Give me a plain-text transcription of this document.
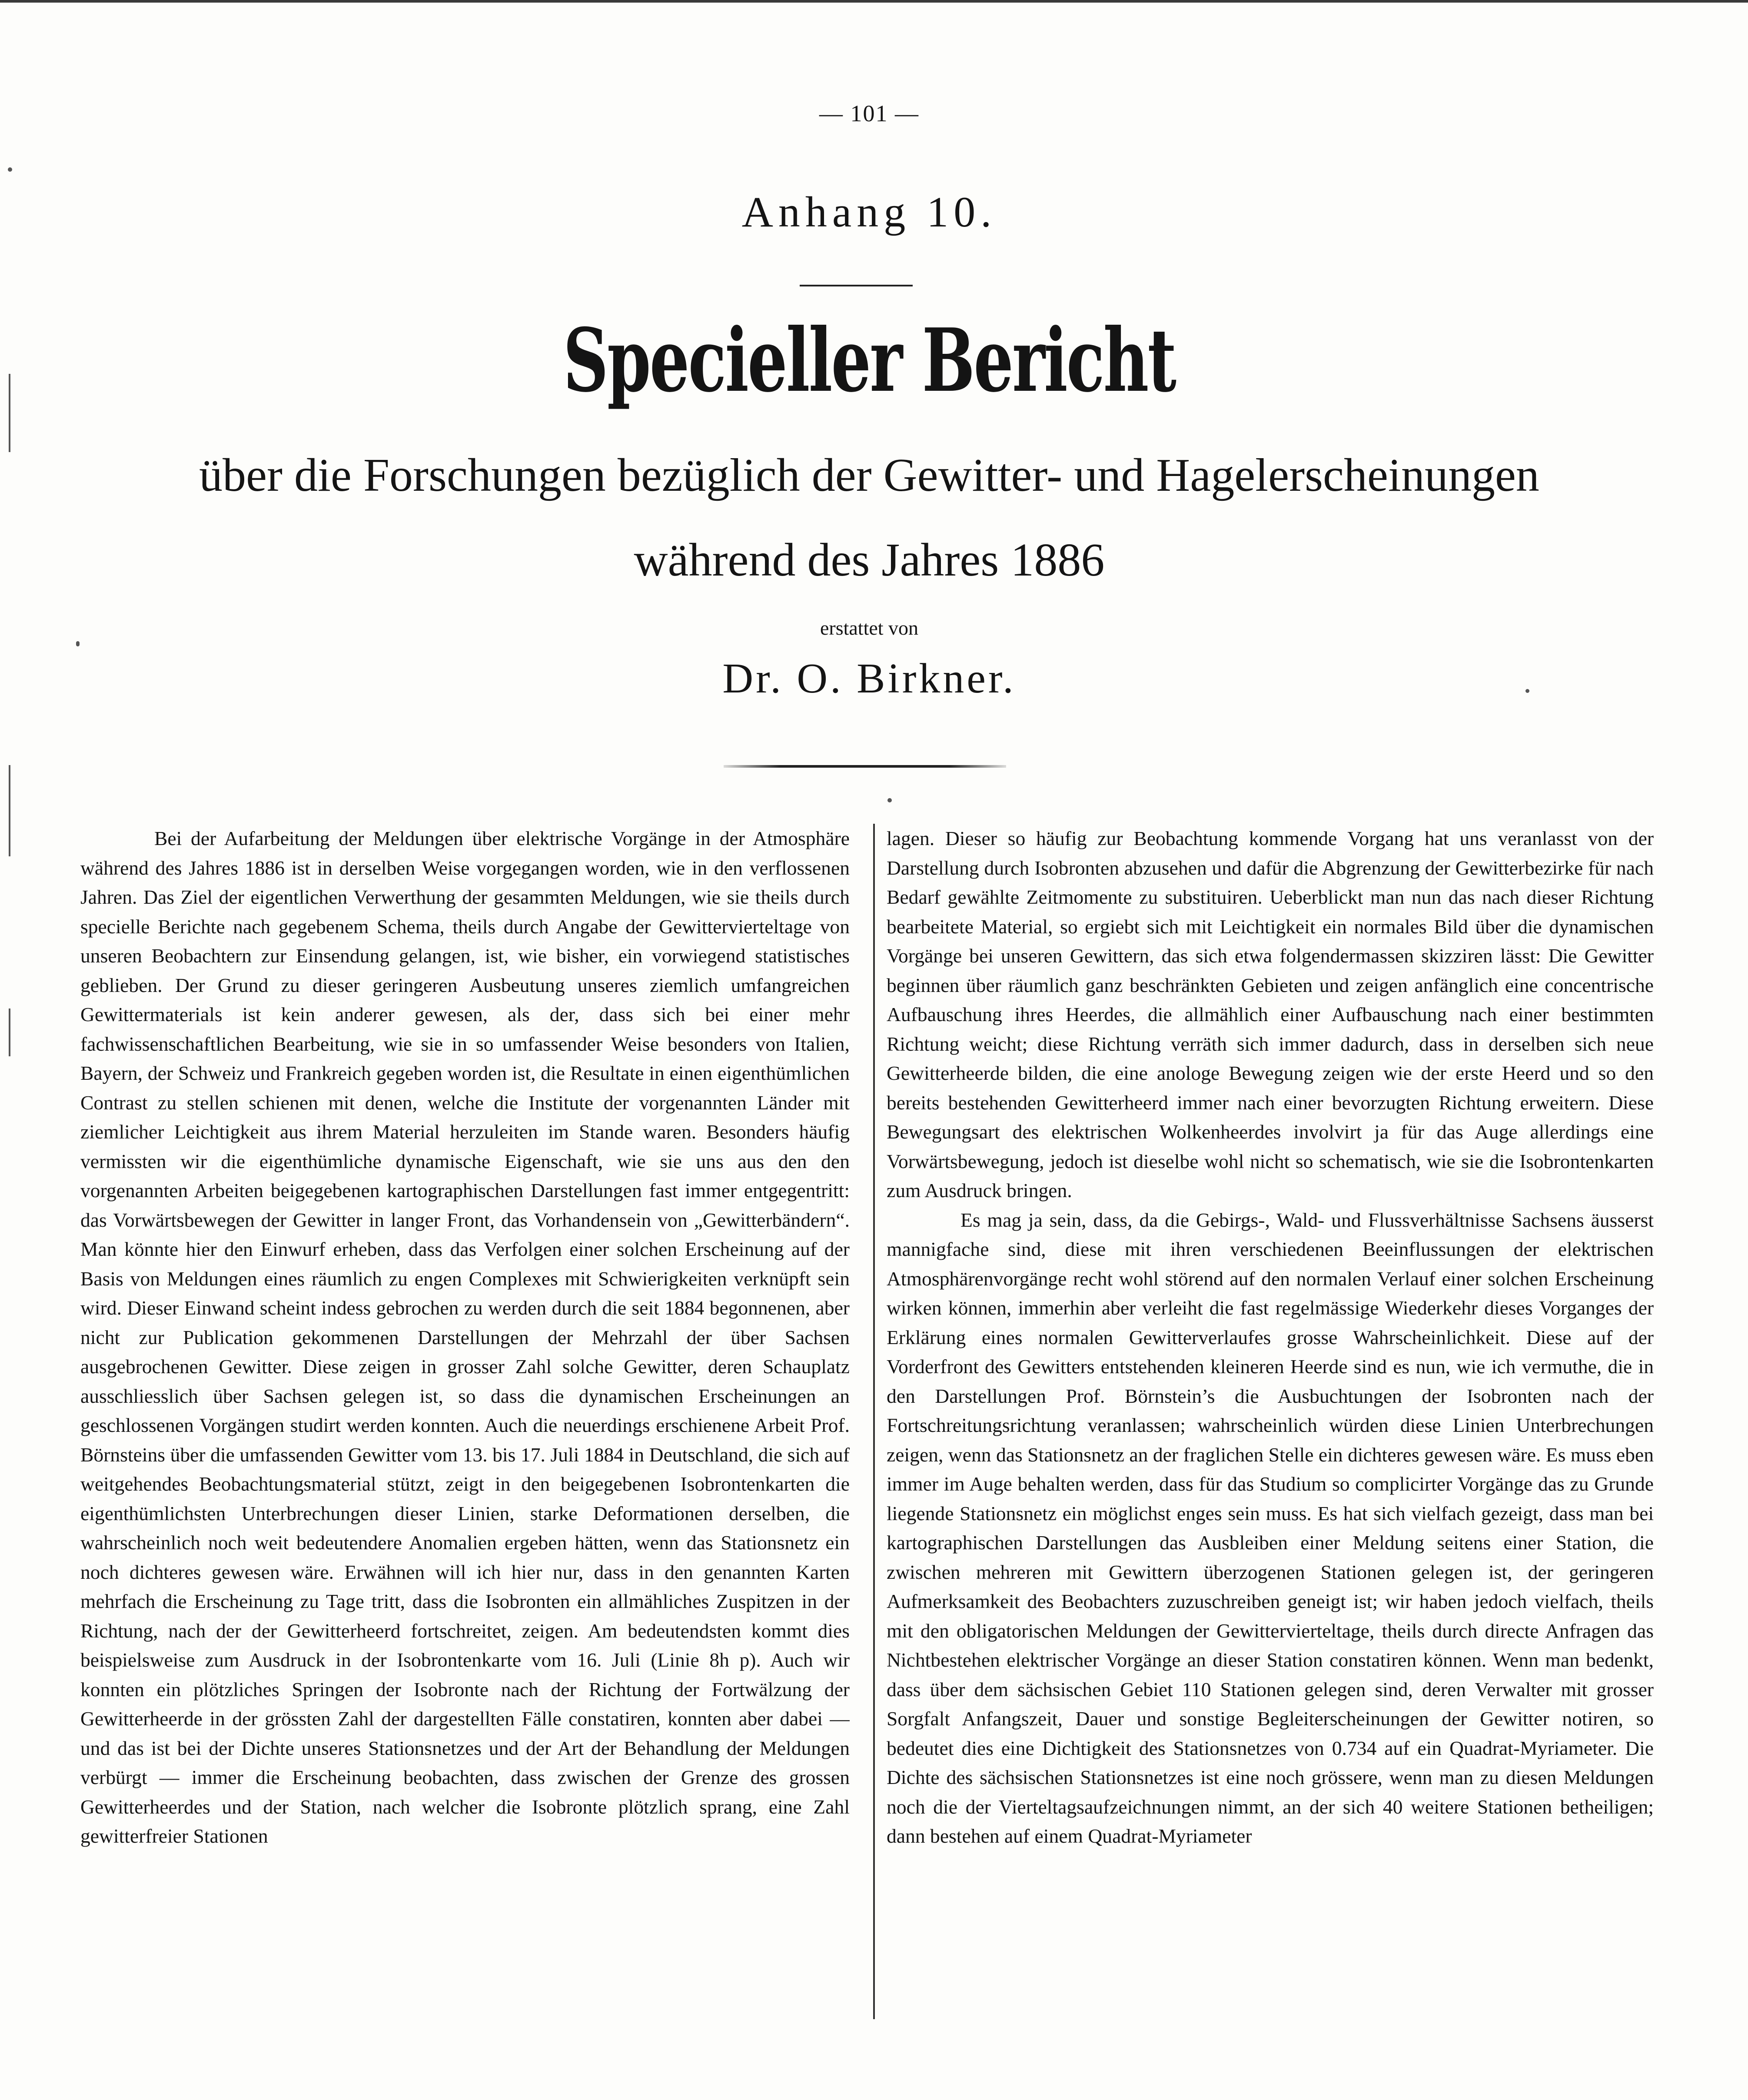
— 101 —
Anhang 10.
Specieller Bericht
über die Forschungen bezüglich der Gewitter- und Hagelerscheinungen
während des Jahres 1886
erstattet von
Dr. O. Birkner.

Bei der Aufarbeitung der Meldungen über elektrische Vorgänge in der Atmosphäre während des Jahres 1886 ist in derselben Weise vorgegangen worden, wie in den verflossenen Jahren. Das Ziel der eigentlichen Verwerthung der gesammten Meldungen, wie sie theils durch specielle Berichte nach gegebenem Schema, theils durch Angabe der Gewittervierteltage von unseren Beobachtern zur Einsendung gelangen, ist, wie bisher, ein vorwiegend statistisches geblieben. Der Grund zu dieser geringeren Ausbeutung unseres ziemlich umfangreichen Gewittermaterials ist kein anderer gewesen, als der, dass sich bei einer mehr fachwissenschaftlichen Bearbeitung, wie sie in so umfassender Weise besonders von Italien, Bayern, der Schweiz und Frankreich gegeben worden ist, die Resultate in einen eigenthümlichen Contrast zu stellen schienen mit denen, welche die Institute der vorgenannten Länder mit ziemlicher Leichtigkeit aus ihrem Material herzuleiten im Stande waren. Besonders häufig vermissten wir die eigenthümliche dynamische Eigenschaft, wie sie uns aus den den vorgenannten Arbeiten beigegebenen kartographischen Darstellungen fast immer entgegentritt: das Vorwärtsbewegen der Gewitter in langer Front, das Vorhandensein von „Gewitterbändern“. Man könnte hier den Einwurf erheben, dass das Verfolgen einer solchen Erscheinung auf der Basis von Meldungen eines räumlich zu engen Complexes mit Schwierigkeiten verknüpft sein wird. Dieser Einwand scheint indess gebrochen zu werden durch die seit 1884 begonnenen, aber nicht zur Publication gekommenen Darstellungen der Mehrzahl der über Sachsen ausgebrochenen Gewitter. Diese zeigen in grosser Zahl solche Gewitter, deren Schauplatz ausschliesslich über Sachsen gelegen ist, so dass die dynamischen Erscheinungen an geschlossenen Vorgängen studirt werden konnten. Auch die neuerdings erschienene Arbeit Prof. Börnsteins über die umfassenden Gewitter vom 13. bis 17. Juli 1884 in Deutschland, die sich auf weitgehendes Beobachtungsmaterial stützt, zeigt in den beigegebenen Isobrontenkarten die eigenthümlichsten Unterbrechungen dieser Linien, starke Deformationen derselben, die wahrscheinlich noch weit bedeutendere Anomalien ergeben hätten, wenn das Stationsnetz ein noch dichteres gewesen wäre. Erwähnen will ich hier nur, dass in den genannten Karten mehrfach die Erscheinung zu Tage tritt, dass die Isobronten ein allmähliches Zuspitzen in der Richtung, nach der der Gewitterheerd fortschreitet, zeigen. Am bedeutendsten kommt dies beispielsweise zum Ausdruck in der Isobrontenkarte vom 16. Juli (Linie 8h p). Auch wir konnten ein plötzliches Springen der Isobronte nach der Richtung der Fortwälzung der Gewitterheerde in der grössten Zahl der dargestellten Fälle constatiren, konnten aber dabei — und das ist bei der Dichte unseres Stationsnetzes und der Art der Behandlung der Meldungen verbürgt — immer die Erscheinung beobachten, dass zwischen der Grenze des grossen Gewitterheerdes und der Station, nach welcher die Isobronte plötzlich sprang, eine Zahl gewitterfreier Stationen

lagen. Dieser so häufig zur Beobachtung kommende Vorgang hat uns veranlasst von der Darstellung durch Isobronten abzusehen und dafür die Abgrenzung der Gewitterbezirke für nach Bedarf gewählte Zeitmomente zu substituiren. Ueberblickt man nun das nach dieser Richtung bearbeitete Material, so ergiebt sich mit Leichtigkeit ein normales Bild über die dynamischen Vorgänge bei unseren Gewittern, das sich etwa folgendermassen skizziren lässt: Die Gewitter beginnen über räumlich ganz beschränkten Gebieten und zeigen anfänglich eine concentrische Aufbauschung ihres Heerdes, die allmählich einer Aufbauschung nach einer bestimmten Richtung weicht; diese Richtung verräth sich immer dadurch, dass in derselben sich neue Gewitterheerde bilden, die eine anologe Bewegung zeigen wie der erste Heerd und so den bereits bestehenden Gewitterheerd immer nach einer bevorzugten Richtung erweitern. Diese Bewegungsart des elektrischen Wolkenheerdes involvirt ja für das Auge allerdings eine Vorwärtsbewegung, jedoch ist dieselbe wohl nicht so schematisch, wie sie die Isobrontenkarten zum Ausdruck bringen.

Es mag ja sein, dass, da die Gebirgs-, Wald- und Flussverhältnisse Sachsens äusserst mannigfache sind, diese mit ihren verschiedenen Beeinflussungen der elektrischen Atmosphärenvorgänge recht wohl störend auf den normalen Verlauf einer solchen Erscheinung wirken können, immerhin aber verleiht die fast regelmässige Wiederkehr dieses Vorganges der Erklärung eines normalen Gewitterverlaufes grosse Wahrscheinlichkeit. Diese auf der Vorderfront des Gewitters entstehenden kleineren Heerde sind es nun, wie ich vermuthe, die in den Darstellungen Prof. Börnstein’s die Ausbuchtungen der Isobronten nach der Fortschreitungsrichtung veranlassen; wahrscheinlich würden diese Linien Unterbrechungen zeigen, wenn das Stationsnetz an der fraglichen Stelle ein dichteres gewesen wäre. Es muss eben immer im Auge behalten werden, dass für das Studium so complicirter Vorgänge das zu Grunde liegende Stationsnetz ein möglichst enges sein muss. Es hat sich vielfach gezeigt, dass man bei kartographischen Darstellungen das Ausbleiben einer Meldung seitens einer Station, die zwischen mehreren mit Gewittern überzogenen Stationen gelegen ist, der geringeren Aufmerksamkeit des Beobachters zuzuschreiben geneigt ist; wir haben jedoch vielfach, theils mit den obligatorischen Meldungen der Gewittervierteltage, theils durch directe Anfragen das Nichtbestehen elektrischer Vorgänge an dieser Station constatiren können. Wenn man bedenkt, dass über dem sächsischen Gebiet 110 Stationen gelegen sind, deren Verwalter mit grosser Sorgfalt Anfangszeit, Dauer und sonstige Begleiterscheinungen der Gewitter notiren, so bedeutet dies eine Dichtigkeit des Stationsnetzes von 0.734 auf ein Quadrat-Myriameter. Die Dichte des sächsischen Stationsnetzes ist eine noch grössere, wenn man zu diesen Meldungen noch die der Vierteltagsaufzeichnungen nimmt, an der sich 40 weitere Stationen betheiligen; dann bestehen auf einem Quadrat-Myriameter
